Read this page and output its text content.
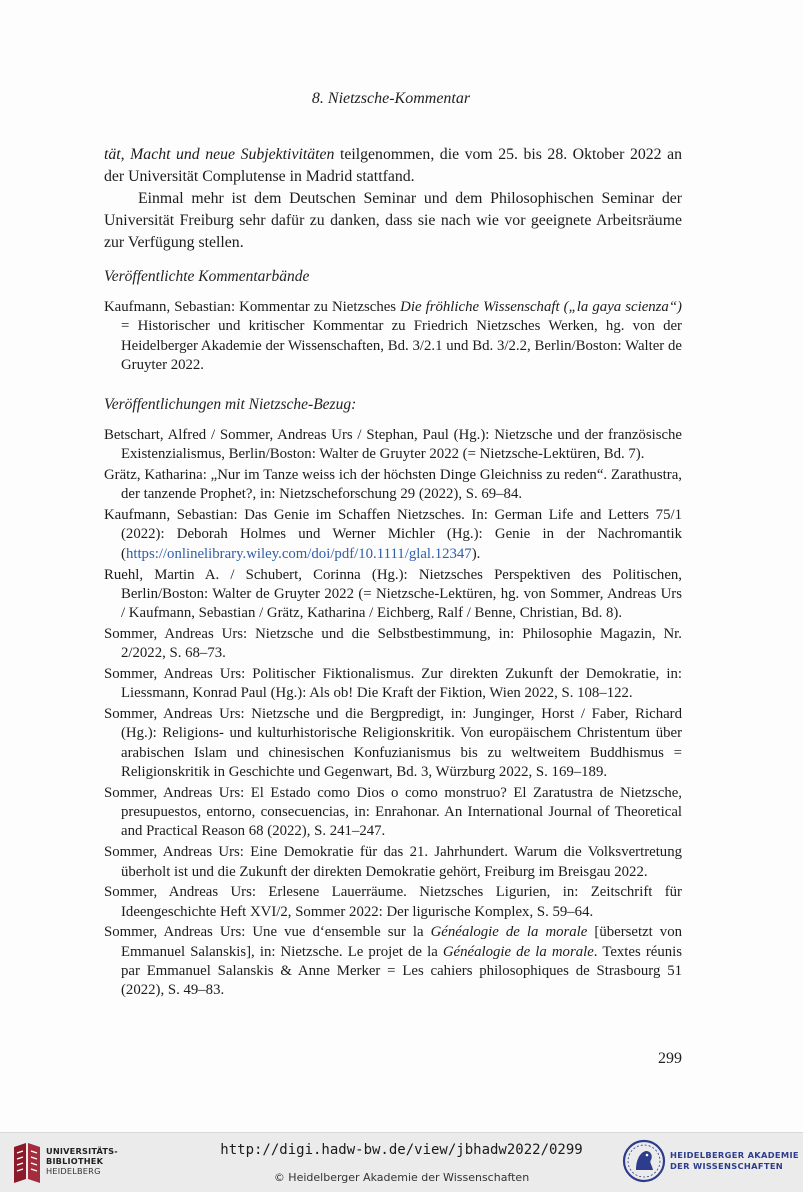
8. Nietzsche-Kommentar

tät, Macht und neue Subjektivitäten teilgenommen, die vom 25. bis 28. Oktober 2022 an der Universität Complutense in Madrid stattfand.

Einmal mehr ist dem Deutschen Seminar und dem Philosophischen Seminar der Universität Freiburg sehr dafür zu danken, dass sie nach wie vor geeignete Arbeitsräume zur Verfügung stellen.

Veröffentlichte Kommentarbände
Kaufmann, Sebastian: Kommentar zu Nietzsches Die fröhliche Wissenschaft („la gaya scienza“) = Historischer und kritischer Kommentar zu Friedrich Nietzsches Werken, hg. von der Heidelberger Akademie der Wissenschaften, Bd. 3/2.1 und Bd. 3/2.2, Berlin/Boston: Walter de Gruyter 2022.
Veröffentlichungen mit Nietzsche-Bezug:
Betschart, Alfred / Sommer, Andreas Urs / Stephan, Paul (Hg.): Nietzsche und der französische Existenzialismus, Berlin/Boston: Walter de Gruyter 2022 (= Nietzsche-Lektüren, Bd. 7).
Grätz, Katharina: „Nur im Tanze weiss ich der höchsten Dinge Gleichniss zu reden“. Zarathustra, der tanzende Prophet?, in: Nietzscheforschung 29 (2022), S. 69–84.
Kaufmann, Sebastian: Das Genie im Schaffen Nietzsches. In: German Life and Letters 75/1 (2022): Deborah Holmes und Werner Michler (Hg.): Genie in der Nachromantik (https://onlinelibrary.wiley.com/doi/pdf/10.1111/glal.12347).
Ruehl, Martin A. / Schubert, Corinna (Hg.): Nietzsches Perspektiven des Politischen, Berlin/Boston: Walter de Gruyter 2022 (= Nietzsche-Lektüren, hg. von Sommer, Andreas Urs / Kaufmann, Sebastian / Grätz, Katharina / Eichberg, Ralf / Benne, Christian, Bd. 8).
Sommer, Andreas Urs: Nietzsche und die Selbstbestimmung, in: Philosophie Magazin, Nr. 2/2022, S. 68–73.
Sommer, Andreas Urs: Politischer Fiktionalismus. Zur direkten Zukunft der Demokratie, in: Liessmann, Konrad Paul (Hg.): Als ob! Die Kraft der Fiktion, Wien 2022, S. 108–122.
Sommer, Andreas Urs: Nietzsche und die Bergpredigt, in: Junginger, Horst / Faber, Richard (Hg.): Religions- und kulturhistorische Religionskritik. Von europäischem Christentum über arabischen Islam und chinesischen Konfuzianismus bis zu weltweitem Buddhismus = Religionskritik in Geschichte und Gegenwart, Bd. 3, Würzburg 2022, S. 169–189.
Sommer, Andreas Urs: El Estado como Dios o como monstruo? El Zaratustra de Nietzsche, presupuestos, entorno, consecuencias, in: Enrahonar. An International Journal of Theoretical and Practical Reason 68 (2022), S. 241–247.
Sommer, Andreas Urs: Eine Demokratie für das 21. Jahrhundert. Warum die Volksvertretung überholt ist und die Zukunft der direkten Demokratie gehört, Freiburg im Breisgau 2022.
Sommer, Andreas Urs: Erlesene Lauerräume. Nietzsches Ligurien, in: Zeitschrift für Ideengeschichte Heft XVI/2, Sommer 2022: Der ligurische Komplex, S. 59–64.
Sommer, Andreas Urs: Une vue d‘ensemble sur la Généalogie de la morale [übersetzt von Emmanuel Salanskis], in: Nietzsche. Le projet de la Généalogie de la morale. Textes réunis par Emmanuel Salanskis & Anne Merker = Les cahiers philosophiques de Strasbourg 51 (2022), S. 49–83.
299
UNIVERSITÄTS-
BIBLIOTHEK
HEIDELBERG
http://digi.hadw-bw.de/view/jbhadw2022/0299
© Heidelberger Akademie der Wissenschaften
HEIDELBERGER AKADEMIE
DER WISSENSCHAFTEN
